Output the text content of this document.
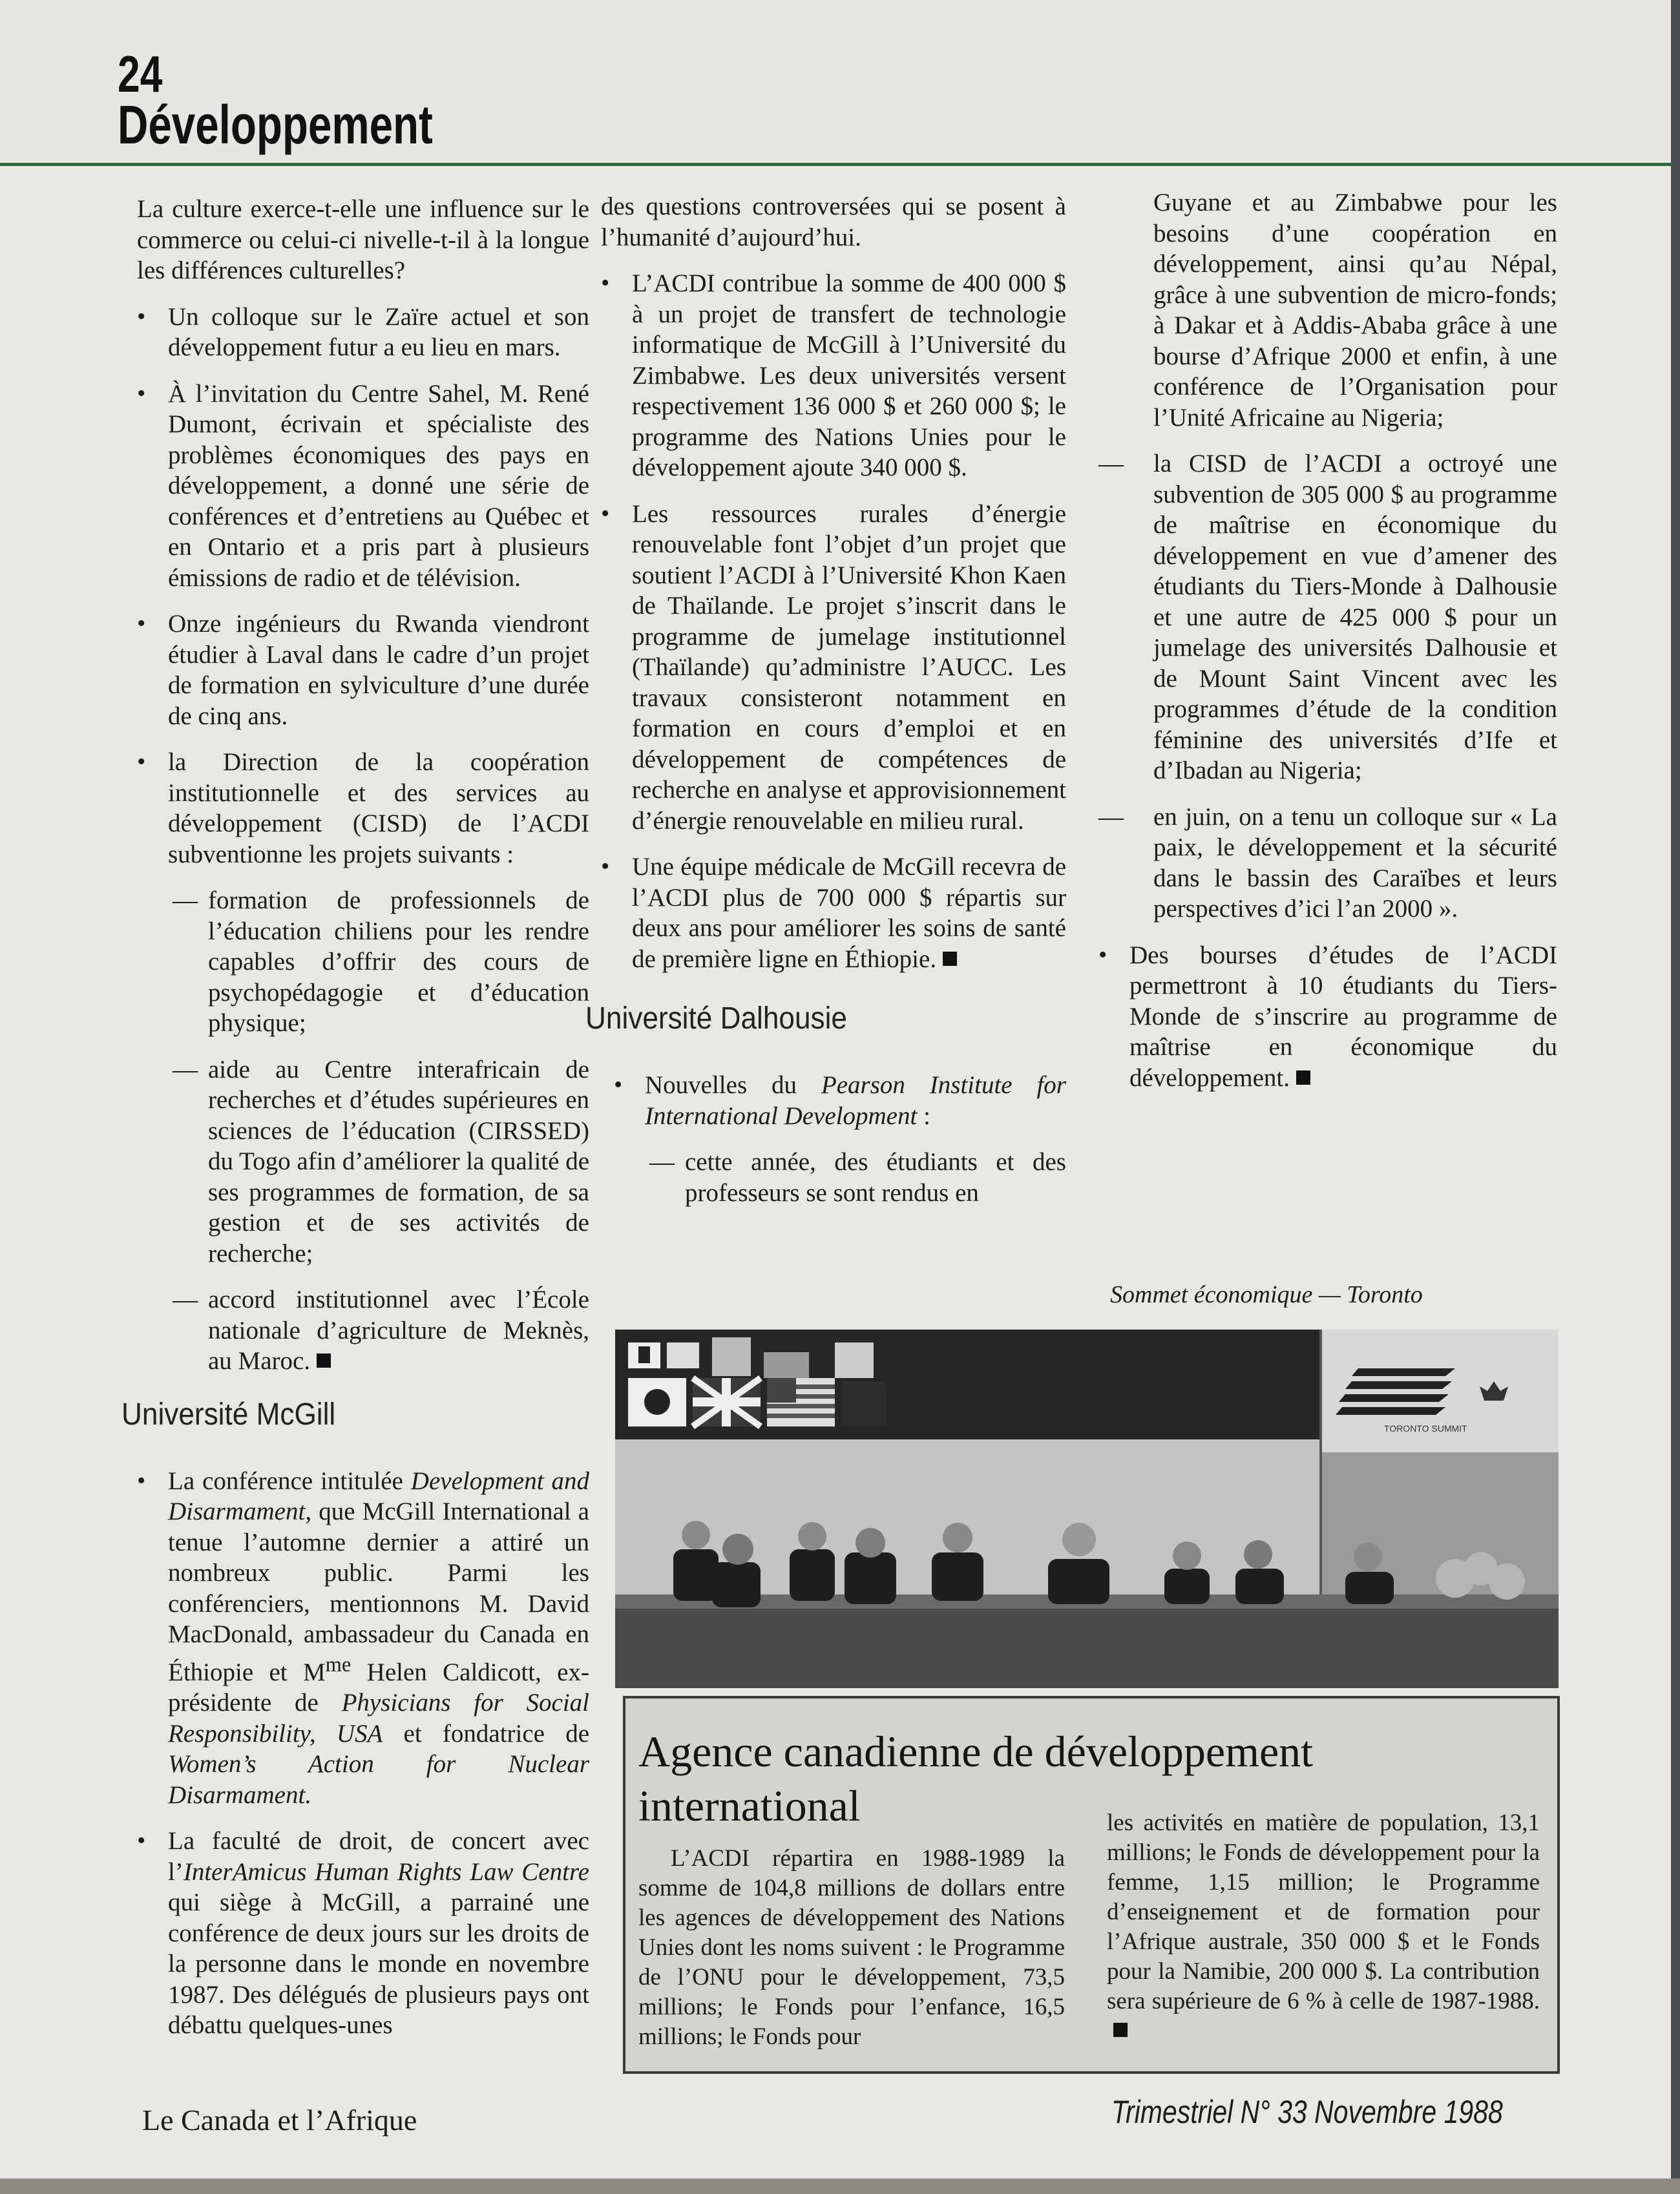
24
Développement

La culture exerce-t-elle une influence sur le commerce ou celui-ci nivelle-t-il à la longue les différences culturelles?

• Un colloque sur le Zaïre actuel et son développement futur a eu lieu en mars.

• À l’invitation du Centre Sahel, M. René Dumont, écrivain et spécialiste des problèmes économiques des pays en développement, a donné une série de conférences et d’entretiens au Québec et en Ontario et a pris part à plusieurs émissions de radio et de télévision.

• Onze ingénieurs du Rwanda viendront étudier à Laval dans le cadre d’un projet de formation en sylviculture d’une durée de cinq ans.

• la Direction de la coopération institutionnelle et des services au développement (CISD) de l’ACDI subventionne les projets suivants :

— formation de professionnels de l’éducation chiliens pour les rendre capables d’offrir des cours de psychopédagogie et d’éducation physique;

— aide au Centre interafricain de recherches et d’études supérieures en sciences de l’éducation (CIRSSED) du Togo afin d’améliorer la qualité de ses programmes de formation, de sa gestion et de ses activités de recherche;

— accord institutionnel avec l’École nationale d’agriculture de Meknès, au Maroc.

Université McGill

• La conférence intitulée Development and Disarmament, que McGill International a tenue l’automne dernier a attiré un nombreux public. Parmi les conférenciers, mentionnons M. David MacDonald, ambassadeur du Canada en Éthiopie et $M^{me}$ Helen Caldicott, ex-présidente de Physicians for Social Responsibility, USA et fondatrice de Women’s Action for Nuclear Disarmament.

• La faculté de droit, de concert avec l’InterAmicus Human Rights Law Centre qui siège à McGill, a parrainé une conférence de deux jours sur les droits de la personne dans le monde en novembre 1987. Des délégués de plusieurs pays ont débattu quelques-unes

des questions controversées qui se posent à l’humanité d’aujourd’hui.

• L’ACDI contribue la somme de 400 000 $ à un projet de transfert de technologie informatique de McGill à l’Université du Zimbabwe. Les deux universités versent respectivement 136 000 $ et 260 000 $; le programme des Nations Unies pour le développement ajoute 340 000 $.

• Les ressources rurales d’énergie renouvelable font l’objet d’un projet que soutient l’ACDI à l’Université Khon Kaen de Thaïlande. Le projet s’inscrit dans le programme de jumelage institutionnel (Thaïlande) qu’administre l’AUCC. Les travaux consisteront notamment en formation en cours d’emploi et en développement de compétences de recherche en analyse et approvisionnement d’énergie renouvelable en milieu rural.

• Une équipe médicale de McGill recevra de l’ACDI plus de 700 000 $ répartis sur deux ans pour améliorer les soins de santé de première ligne en Éthiopie.

Université Dalhousie

• Nouvelles du Pearson Institute for International Development :

— cette année, des étudiants et des professeurs se sont rendus en

Guyane et au Zimbabwe pour les besoins d’une coopération en développement, ainsi qu’au Népal, grâce à une subvention de micro-fonds; à Dakar et à Addis-Ababa grâce à une bourse d’Afrique 2000 et enfin, à une conférence de l’Organisation pour l’Unité Africaine au Nigeria;

— la CISD de l’ACDI a octroyé une subvention de 305 000 $ au programme de maîtrise en économique du développement en vue d’amener des étudiants du Tiers-Monde à Dalhousie et une autre de 425 000 $ pour un jumelage des universités Dalhousie et de Mount Saint Vincent avec les programmes d’étude de la condition féminine des universités d’Ife et d’Ibadan au Nigeria;

— en juin, on a tenu un colloque sur « La paix, le développement et la sécurité dans le bassin des Caraïbes et leurs perspectives d’ici l’an 2000 ».

• Des bourses d’études de l’ACDI permettront à 10 étudiants du Tiers-Monde de s’inscrire au programme de maîtrise en économique du développement.

Sommet économique — Toronto
TORONTO SUMMIT
Agence canadienne de développement international

L’ACDI répartira en 1988-1989 la somme de 104,8 millions de dollars entre les agences de développement des Nations Unies dont les noms suivent : le Programme de l’ONU pour le développement, 73,5 millions; le Fonds pour l’enfance, 16,5 millions; le Fonds pour

les activités en matière de population, 13,1 millions; le Fonds de développement pour la femme, 1,15 million; le Programme d’enseignement et de formation pour l’Afrique australe, 350 000 $ et le Fonds pour la Namibie, 200 000 $. La contribution sera supérieure de 6 % à celle de 1987-1988.

Le Canada et l’Afrique	Trimestriel N° 33 Novembre 1988
